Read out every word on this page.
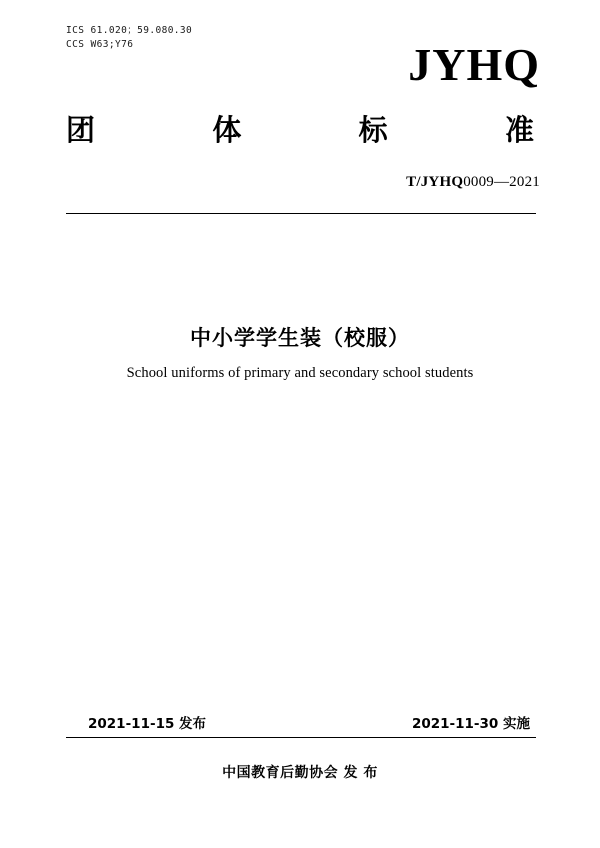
ICS 61.020；59.080.30
CCS W63;Y76	JYHQ
团	体	标	准
T/JYHQ0009—2021
中小学学生装（校服）
School uniforms of primary and secondary school students
2021-11-15 发布	2021-11-30 实施
中国教育后勤协会 发 布
